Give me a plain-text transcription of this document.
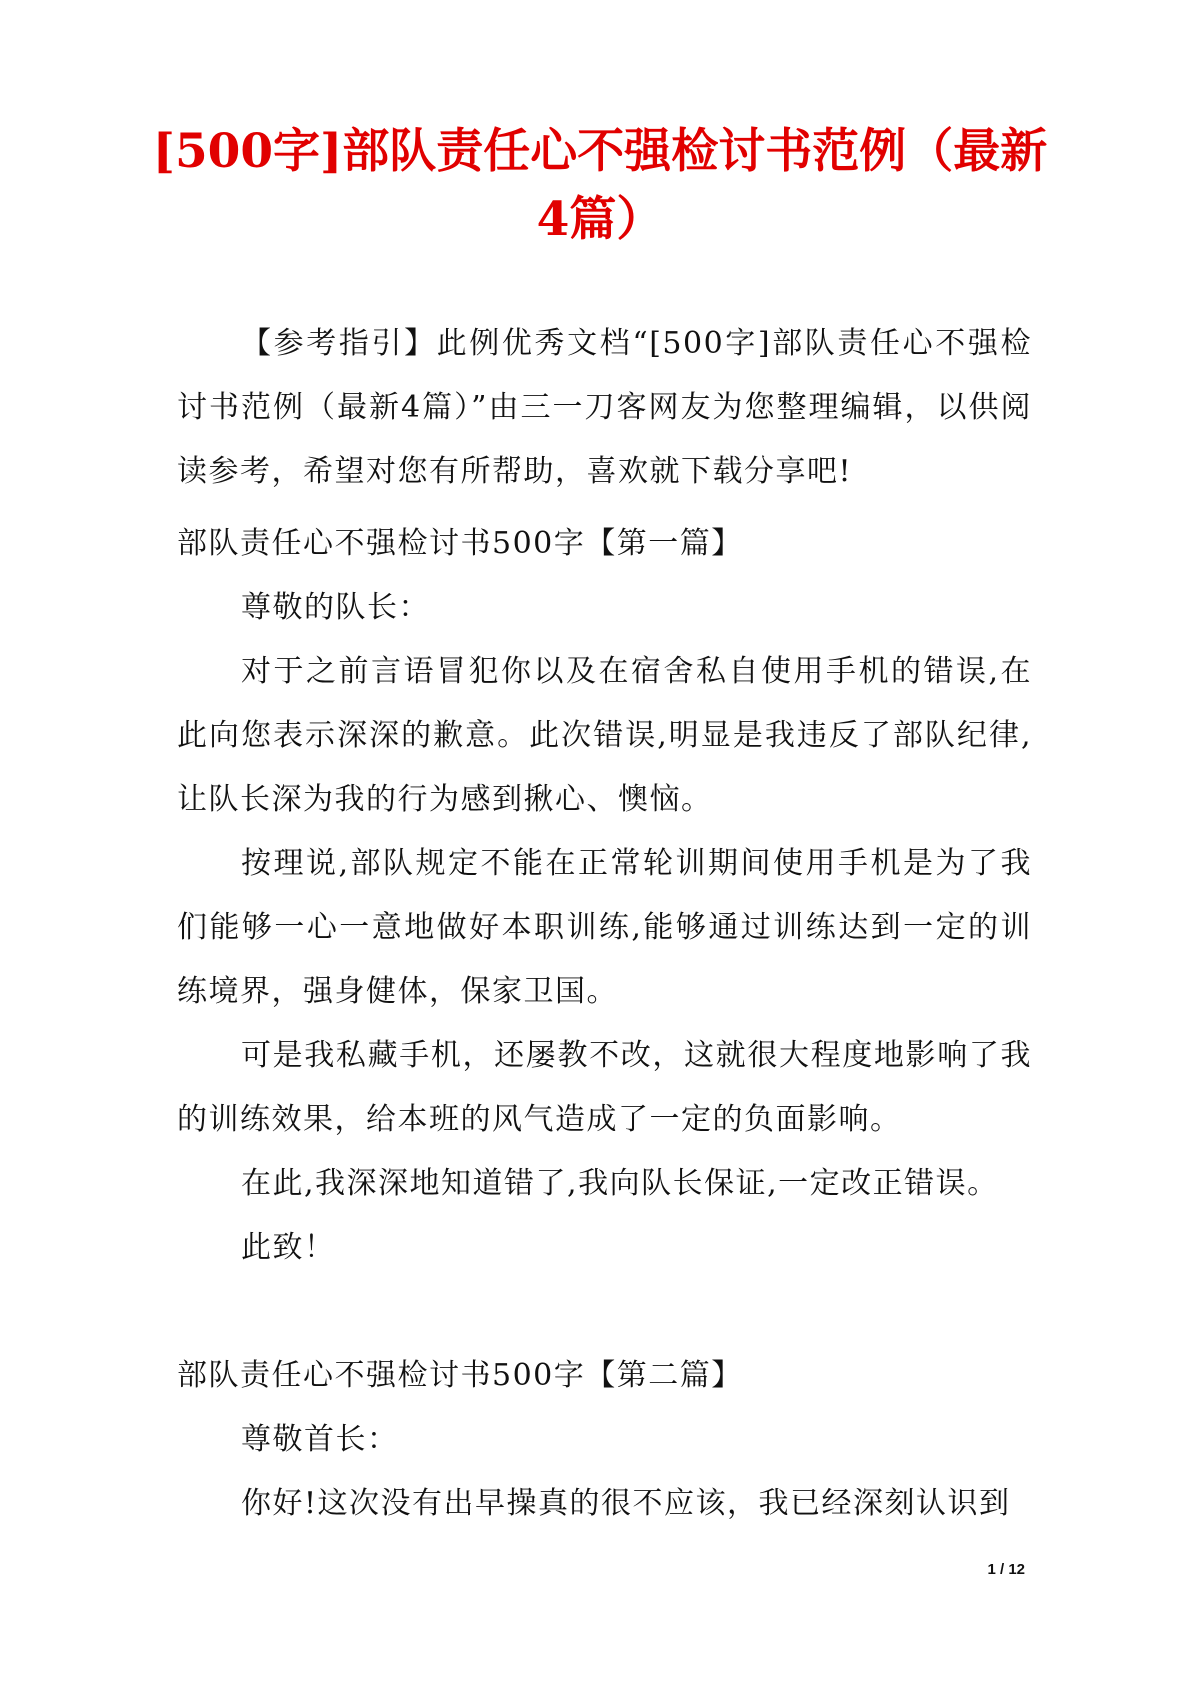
[500字]部队责任心不强检讨书范例（最新4篇）

【参考指引】此例优秀文档“[500字]部队责任心不强检讨书范例（最新4篇）”由三一刀客网友为您整理编辑，以供阅读参考，希望对您有所帮助，喜欢就下载分享吧!

部队责任心不强检讨书500字【第一篇】

尊敬的队长：

对于之前言语冒犯你以及在宿舍私自使用手机的错误,在此向您表示深深的歉意。此次错误,明显是我违反了部队纪律,让队长深为我的行为感到揪心、懊恼。

按理说,部队规定不能在正常轮训期间使用手机是为了我们能够一心一意地做好本职训练,能够通过训练达到一定的训练境界，强身健体，保家卫国。

可是我私藏手机，还屡教不改，这就很大程度地影响了我的训练效果，给本班的风气造成了一定的负面影响。

在此,我深深地知道错了,我向队长保证,一定改正错误。

此致！

部队责任心不强检讨书500字【第二篇】

尊敬首长：

你好!这次没有出早操真的很不应该，我已经深刻认识到

1 / 12
